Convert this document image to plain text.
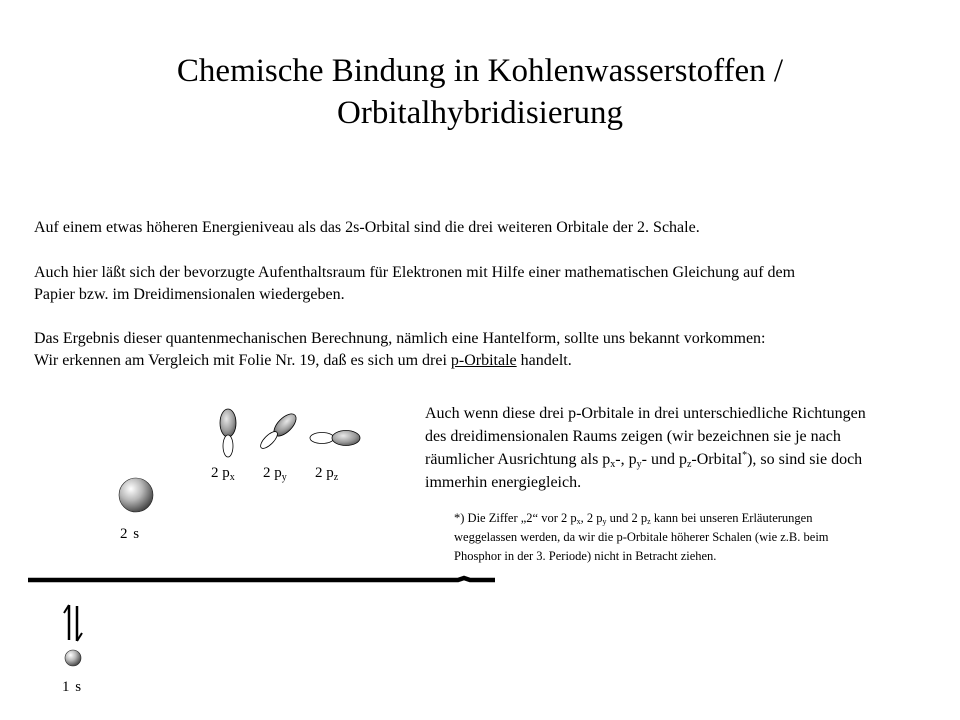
Chemische Bindung in Kohlenwasserstoffen /
Orbitalhybridisierung

Auf einem etwas höheren Energieniveau als das 2s-Orbital sind die drei weiteren Orbitale der 2. Schale.

Auch hier läßt sich der bevorzugte Aufenthaltsraum für Elektronen mit Hilfe einer mathematischen Gleichung auf dem
Papier bzw. im Dreidimensionalen wiedergeben.

Das Ergebnis dieser quantenmechanischen Berechnung, nämlich eine Hantelform, sollte uns bekannt vorkommen:
Wir erkennen am Vergleich mit Folie Nr. 19, daß es sich um drei p-Orbitale handelt.

Auch wenn diese drei p-Orbitale in drei unterschiedliche Richtungen
des dreidimensionalen Raums zeigen (wir bezeichnen sie je nach
räumlicher Ausrichtung als $p_x-$, $p_y-$ und $p_z-Orbital^*$), so sind sie doch
immerhin energiegleich.
*) Die Ziffer „2“ vor 2 $p_x$, 2 $p_y$ und 2 $p_z$ kann bei unseren Erläuterungen
weggelassen werden, da wir die p-Orbitale höherer Schalen (wie z.B. beim
Phosphor in der 3. Periode) nicht in Betracht ziehen.
2 s
1 s
2 $p_x$ 2 $p_y$ 2 $p_z$
